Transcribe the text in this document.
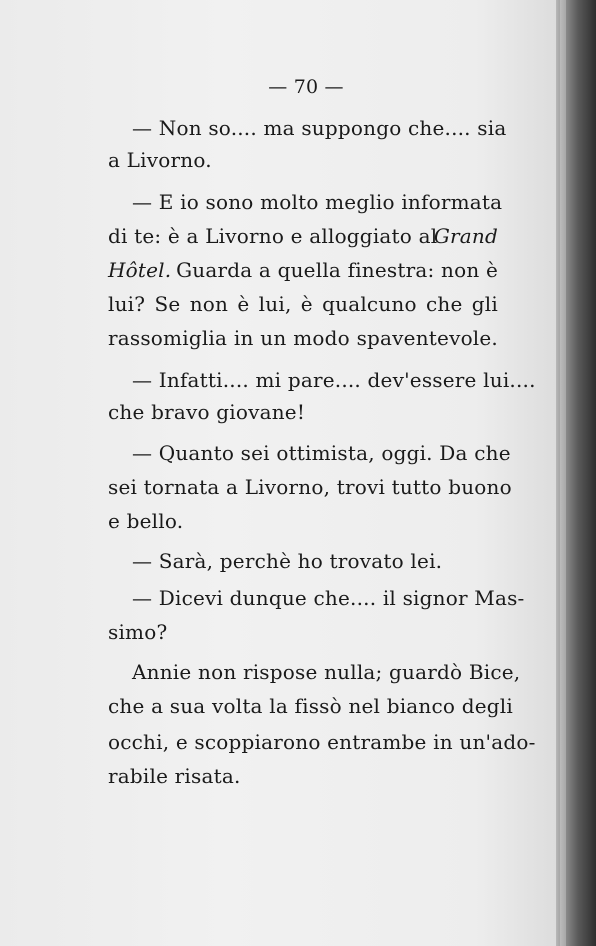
— 70 —
— Non so.... ma suppongo che.... sia
a Livorno.
— E io sono molto meglio informata
di te: è a Livorno e alloggiato al
Grand
Hôtel. Guarda a quella finestra: non è
lui? Se non è lui, è qualcuno che gli
rassomiglia in un modo spaventevole.
— Infatti.... mi pare.... dev'essere lui....
che bravo giovane!
— Quanto sei ottimista, oggi. Da che
sei tornata a Livorno, trovi tutto buono
e bello.
— Sarà, perchè ho trovato lei.
— Dicevi dunque che.... il signor Mas-
simo?
Annie non rispose nulla; guardò Bice,
che a sua volta la fissò nel bianco degli
occhi, e scoppiarono entrambe in un'ado-
rabile risata.
